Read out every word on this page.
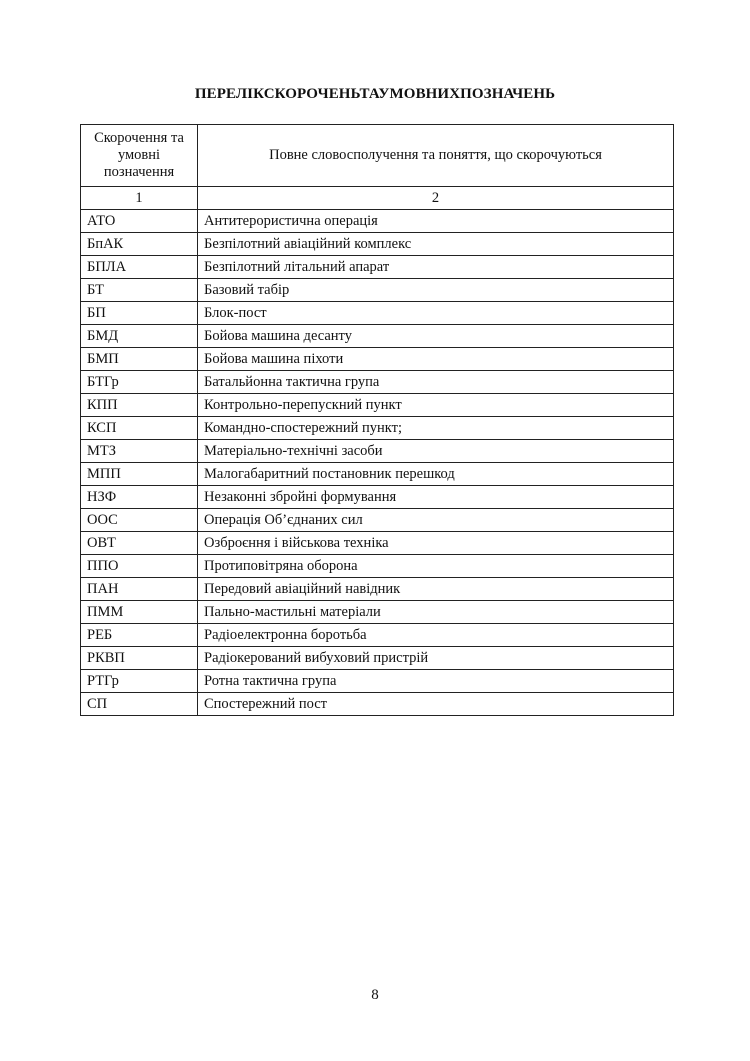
ПЕРЕЛІКСКОРОЧЕНЬТАУМОВНИХПОЗНАЧЕНЬ
Скорочення та умовні позначення	Повне словосполучення та поняття, що скорочуються
1	2
АТО	Антитерористична операція
БпАК	Безпілотний авіаційний комплекс
БПЛА	Безпілотний літальний апарат
БТ	Базовий табір
БП	Блок-пост
БМД	Бойова машина десанту
БМП	Бойова машина піхоти
БТГр	Батальйонна тактична група
КПП	Контрольно-перепускний пункт
КСП	Командно-спостережний пункт;
МТЗ	Матеріально-технічні засоби
МПП	Малогабаритний постановник перешкод
НЗФ	Незаконні збройні формування
ООС	Операція Об’єднаних сил
ОВТ	Озброєння і військова техніка
ППО	Протиповітряна оборона
ПАН	Передовий авіаційний навідник
ПММ	Пально-мастильні матеріали
РЕБ	Радіоелектронна боротьба
РКВП	Радіокерований вибуховий пристрій
РТГр	Ротна тактична група
СП	Спостережний пост
8
